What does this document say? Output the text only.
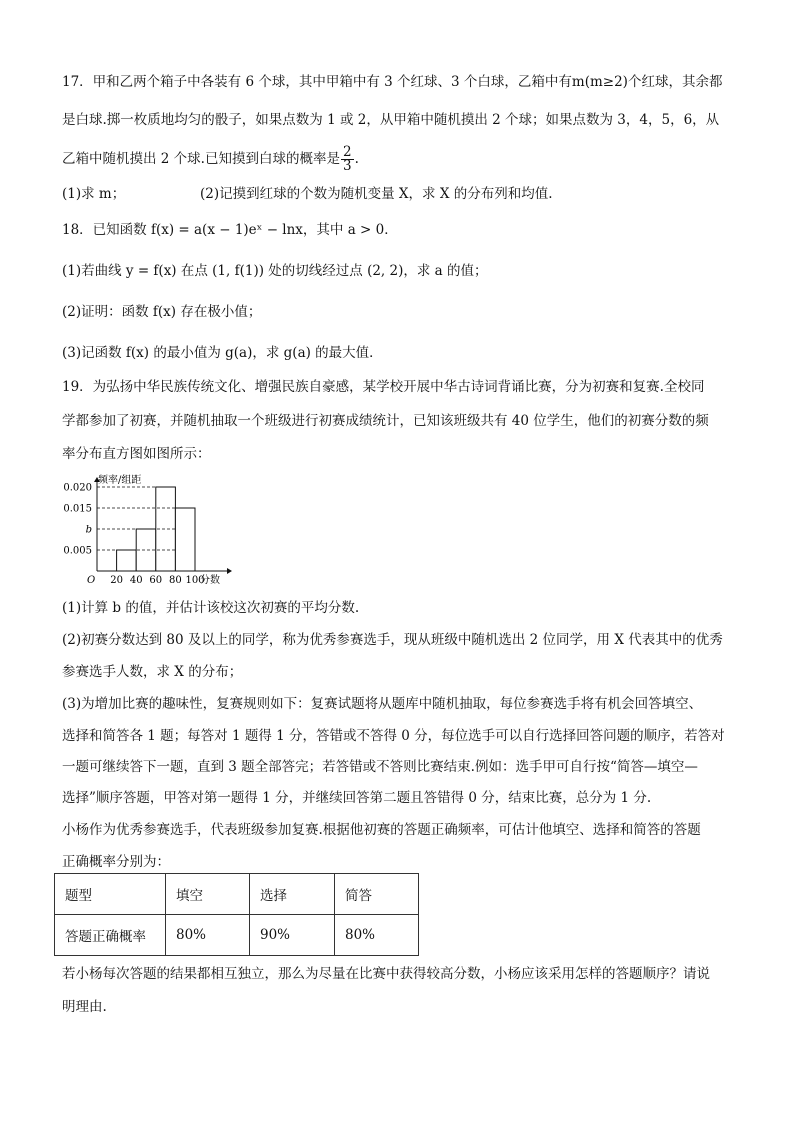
17．甲和乙两个箱子中各装有 6 个球，其中甲箱中有 3 个红球、3 个白球，乙箱中有m(m≥2)个红球，其余都
是白球.掷一枚质地均匀的骰子，如果点数为 1 或 2，从甲箱中随机摸出 2 个球；如果点数为 3，4，5，6，从
乙箱中随机摸出 2 个球.已知摸到白球的概率是 $\frac{2}{3}$ .
(1)求 m；	(2)记摸到红球的个数为随机变量 X，求 X 的分布列和均值.
18．已知函数 f(x) = a(x − 1)eˣ − lnx，其中 a > 0．
(1)若曲线 y = f(x) 在点 (1, f(1)) 处的切线经过点 (2, 2)，求 a 的值；
(2)证明：函数 f(x) 存在极小值；
(3)记函数 f(x) 的最小值为 g(a)，求 g(a) 的最大值．
19．为弘扬中华民族传统文化、增强民族自豪感，某学校开展中华古诗词背诵比赛，分为初赛和复赛.全校同
学都参加了初赛，并随机抽取一个班级进行初赛成绩统计，已知该班级共有 40 位学生，他们的初赛分数的频
率分布直方图如图所示：
0.005
b
0.015
0.020
频率/组距
分数
O 20 40 60 80 100
(1)计算 b 的值，并估计该校这次初赛的平均分数.
(2)初赛分数达到 80 及以上的同学，称为优秀参赛选手，现从班级中随机选出 2 位同学，用 X 代表其中的优秀
参赛选手人数，求 X 的分布；
(3)为增加比赛的趣味性，复赛规则如下：复赛试题将从题库中随机抽取，每位参赛选手将有机会回答填空、
选择和简答各 1 题；每答对 1 题得 1 分，答错或不答得 0 分，每位选手可以自行选择回答问题的顺序，若答对
一题可继续答下一题，直到 3 题全部答完；若答错或不答则比赛结束.例如：选手甲可自行按“简答—填空—
选择”顺序答题，甲答对第一题得 1 分，并继续回答第二题且答错得 0 分，结束比赛，总分为 1 分.
小杨作为优秀参赛选手，代表班级参加复赛.根据他初赛的答题正确频率，可估计他填空、选择和简答的答题
正确概率分别为：
题型	填空	选择	简答
答题正确概率	80%	90%	80%
若小杨每次答题的结果都相互独立，那么为尽量在比赛中获得较高分数，小杨应该采用怎样的答题顺序？请说
明理由.
